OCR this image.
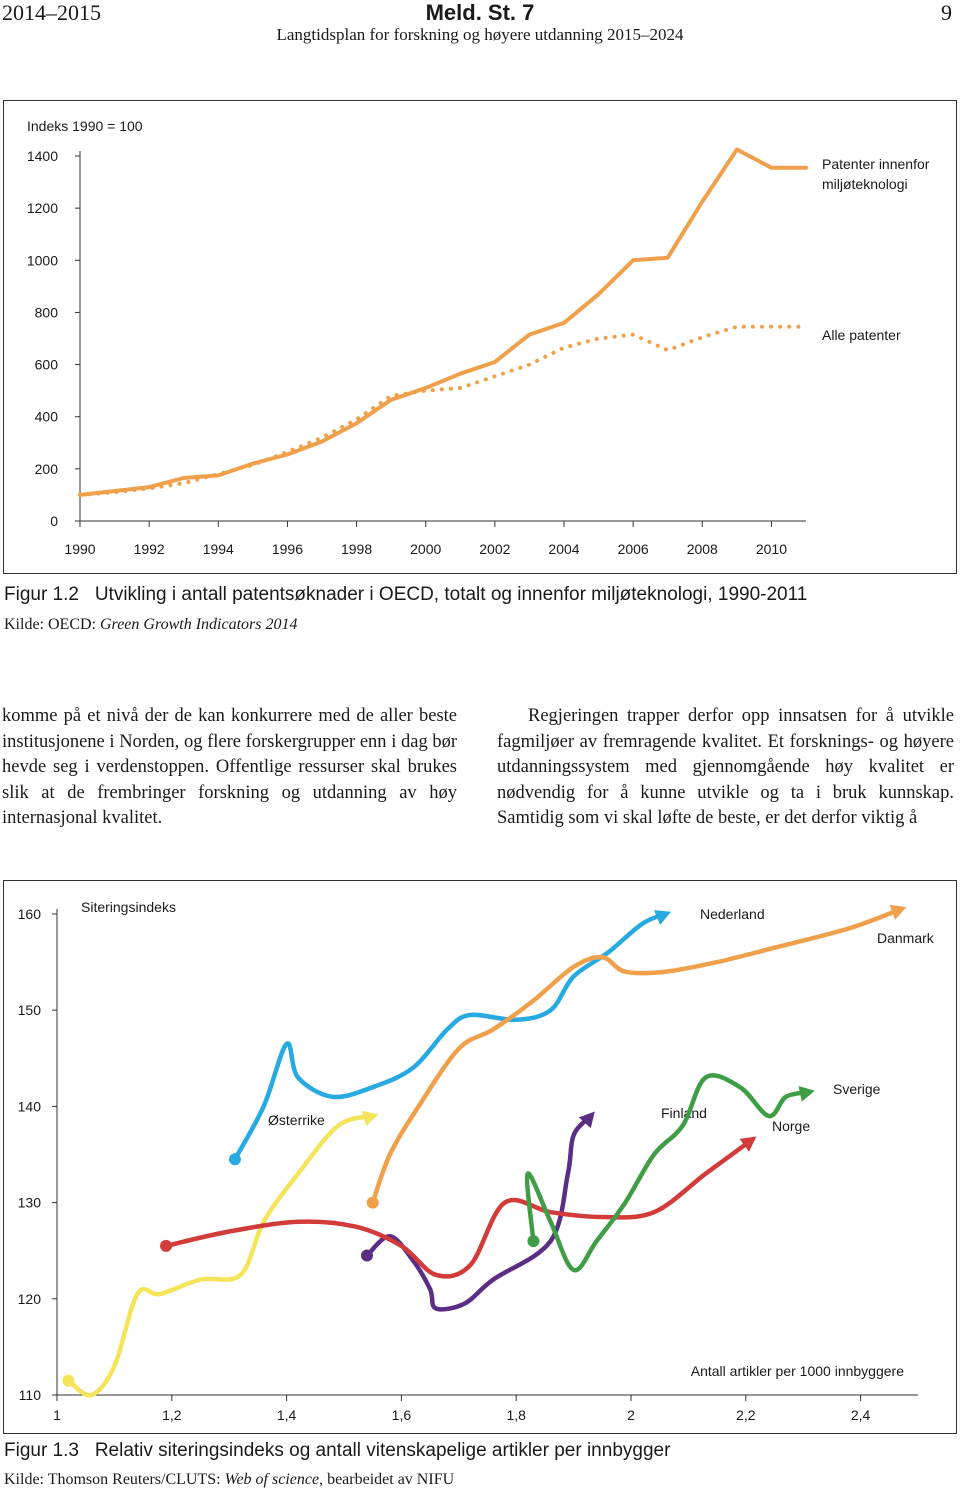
2014–2015	Meld. St. 7
Langtidsplan for forskning og høyere utdanning 2015–2024
9
Indeks 1990 = 100
0
200
400
600
800
1000
1200
1400
1990	1992	1994	1996	1998	2000	2002	2004	2006	2008	2010
Patenter innenfor miljøteknologi
Alle patenter
Figur 1.2 Utvikling i antall patentsøknader i OECD, totalt og innenfor miljøteknologi, 1990-2011
Kilde: OECD: Green Growth Indicators 2014

komme på et nivå der de kan konkurrere med de aller beste institusjonene i Norden, og flere forskergrupper enn i dag bør hevde seg i verdenstoppen. Offentlige ressurser skal brukes slik at de frembringer forskning og utdanning av høy internasjonal kvalitet.

Regjeringen trapper derfor opp innsatsen for å utvikle fagmiljøer av fremragende kvalitet. Et forsknings- og høyere utdanningssystem med gjennomgående høy kvalitet er nødvendig for å kunne utvikle og ta i bruk kunnskap. Samtidig som vi skal løfte de beste, er det derfor viktig å

110
120
130
140
150
160
1	1,2	1,4	1,6	1,8	2	2,2	2,4
Siteringsindeks
Antall artikler per 1000 innbyggere
Nederland
Danmark
Østerrike	Finland
Norge
Sverige
Figur 1.3 Relativ siteringsindeks og antall vitenskapelige artikler per innbygger
Kilde: Thomson Reuters/CLUTS: Web of science, bearbeidet av NIFU
